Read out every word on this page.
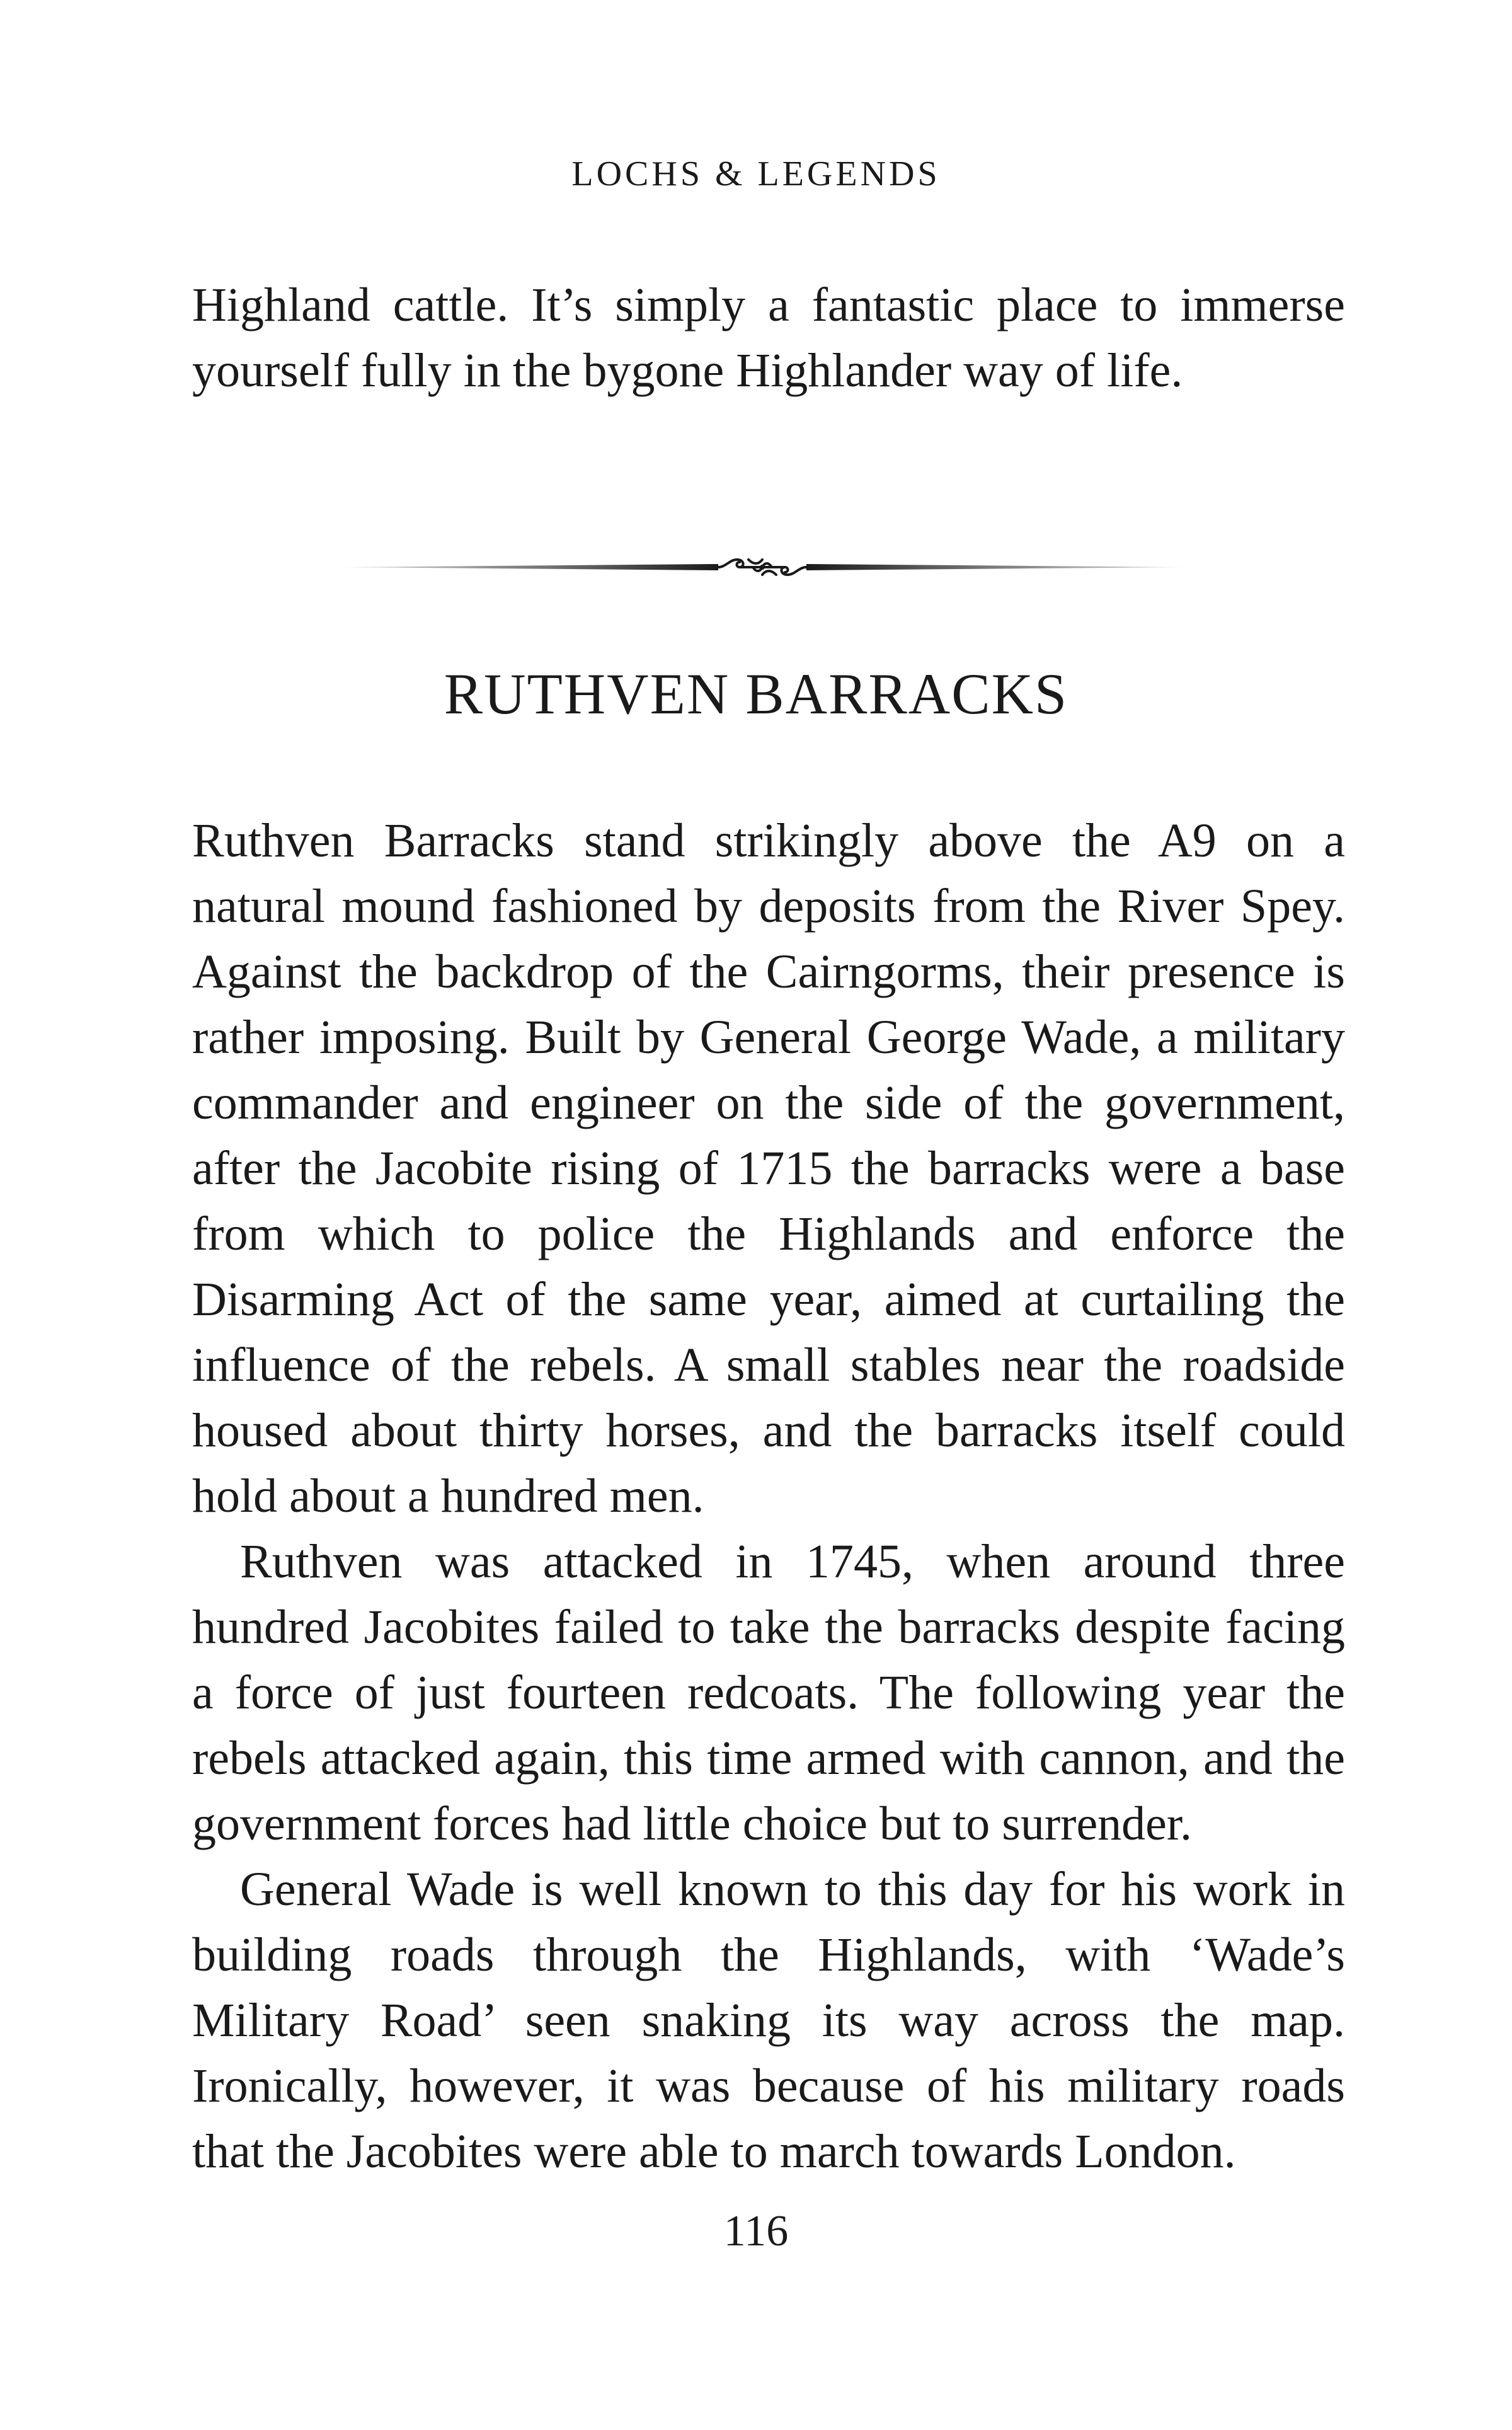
LOCHS & LEGENDS

Highland cattle. It’s simply a fantastic place to immerse yourself fully in the bygone Highlander way of life.

RUTHVEN BARRACKS

Ruthven Barracks stand strikingly above the A9 on a natural mound fashioned by deposits from the River Spey. Against the backdrop of the Cairngorms, their presence is rather imposing. Built by General George Wade, a military commander and engineer on the side of the government, after the Jacobite rising of 1715 the barracks were a base from which to police the Highlands and enforce the Disarming Act of the same year, aimed at curtailing the influence of the rebels. A small stables near the roadside housed about thirty horses, and the barracks itself could hold about a hundred men.

Ruthven was attacked in 1745, when around three hundred Jacobites failed to take the barracks despite facing a force of just fourteen redcoats. The following year the rebels attacked again, this time armed with cannon, and the government forces had little choice but to surrender.

General Wade is well known to this day for his work in building roads through the Highlands, with ‘Wade’s Military Road’ seen snaking its way across the map. Ironically, however, it was because of his military roads that the Jacobites were able to march towards London.

116
